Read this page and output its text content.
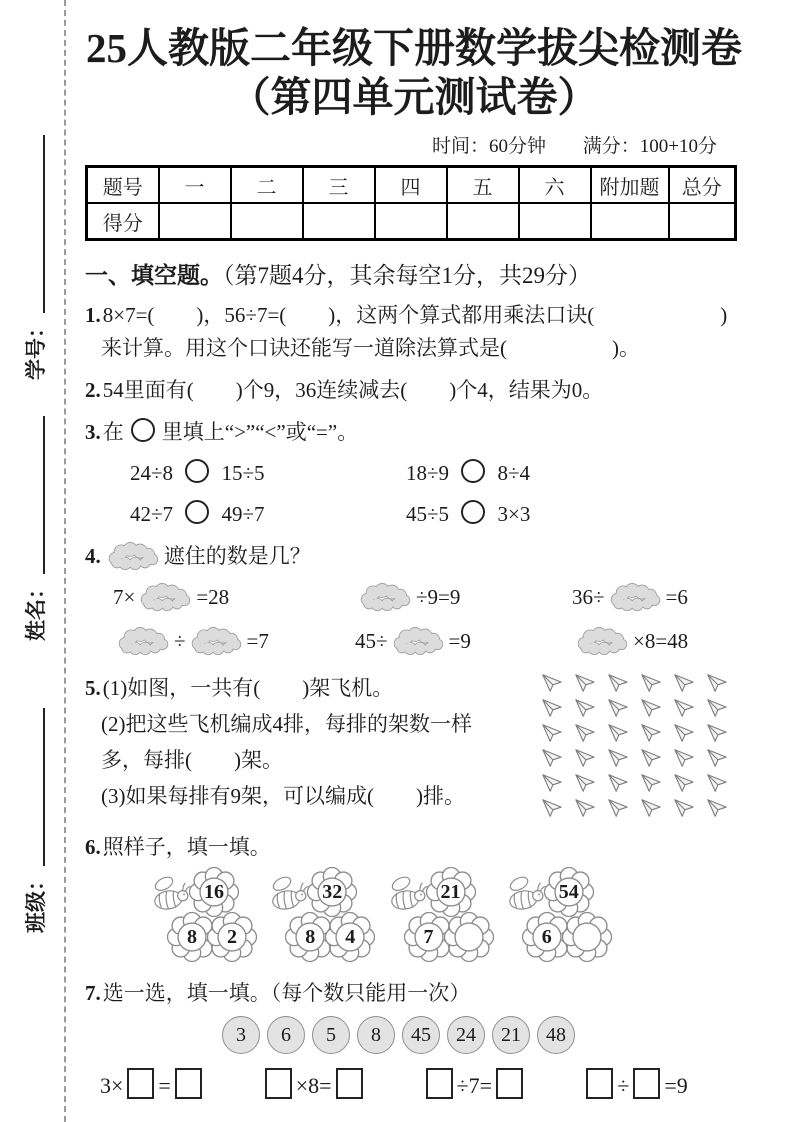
学号：
姓名：
班级：
25人教版二年级下册数学拔尖检测卷
（第四单元测试卷）
时间：60分钟 满分：100+10分
题号	一	二	三	四	五	六	附加题	总分
得分								
一、填空题。（第7题4分，其余每空1分，共29分）
1.8×7=(　　)，56÷7=(　　)，这两个算式都用乘法口诀(　　　　　　)
来计算。用这个口诀还能写一道除法算式是(　　　　　)。
2.54里面有(　　)个9，36连续减去(　　)个4，结果为0。
3.在 里填上“>”“<”或“=”。
24÷8  15÷5	18÷9  8÷4
42÷7  49÷7	45÷5  3×3
4.	遮住的数是几？
7×	=28	÷9=9	36÷	=6
÷	=7	45÷	=9	×8=48
5.(1)如图，一共有(　　)架飞机。
(2)把这些飞机编成4排，每排的架数一样
多，每排(　　)架。
(3)如果每排有9架，可以编成(　　)排。
6.照样子，填一填。
16
8	2

32
8	4

21
7

54
6
7.选一选，填一填。（每个数只能用一次）
3 6 5 8 45 24 21 48
3× =	×8=	÷7=	÷ =9
